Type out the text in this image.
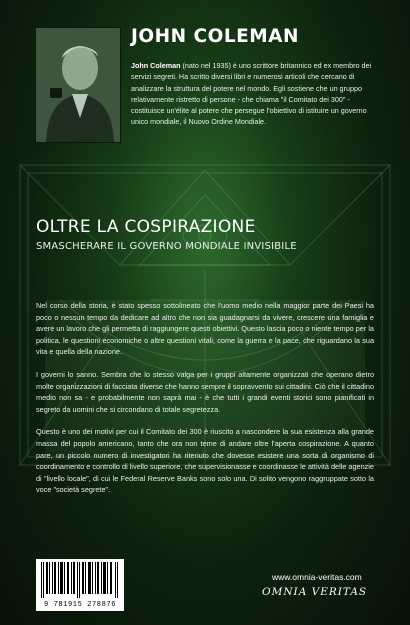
JOHN COLEMAN
John Coleman (nato nel 1935) è uno scrittore britannico ed ex membro dei servizi segreti. Ha scritto diversi libri e numerosi articoli che cercano di analizzare la struttura del potere nel mondo. Egli sostiene che un gruppo relativamente ristretto di persone - che chiama "il Comitato dei 300" - costituisce un'élite al potere che persegue l'obiettivo di istituire un governo unico mondiale, il Nuovo Ordine Mondiale.
OLTRE LA COSPIRAZIONE
SMASCHERARE IL GOVERNO MONDIALE INVISIBILE

Nel corso della storia, è stato spesso sottolineato che l'uomo medio nella maggior parte dei Paesi ha poco o nessun tempo da dedicare ad altro che non sia guadagnarsi da vivere, crescere una famiglia e avere un lavoro che gli permetta di raggiungere questi obiettivi. Questo lascia poco o niente tempo per la politica, le questioni economiche o altre questioni vitali, come la guerra e la pace, che riguardano la sua vita e quella della nazione.

I governi lo sanno. Sembra che lo stesso valga per i gruppi altamente organizzati che operano dietro molte organizzazioni di facciata diverse che hanno sempre il sopravvento sui cittadini. Ciò che il cittadino medio non sa - e probabilmente non saprà mai - è che tutti i grandi eventi storici sono pianificati in segreto da uomini che si circondano di totale segretezza.

Questo è uno dei motivi per cui il Comitato dei 300 è riuscito a nascondere la sua esistenza alla grande massa del popolo americano, tanto che ora non teme di andare oltre l'aperta cospirazione. A quanto pare, un piccolo numero di investigatori ha ritenuto che dovesse esistere una sorta di organismo di coordinamento e controllo di livello superiore, che supervisionasse e coordinasse le attività delle agenzie di "livello locale", di cui le Federal Reserve Banks sono solo una. Di solito vengono raggruppate sotto la voce "società segrete".

9 781915 278876
www.omnia-veritas.com
OMNIA VERITAS
